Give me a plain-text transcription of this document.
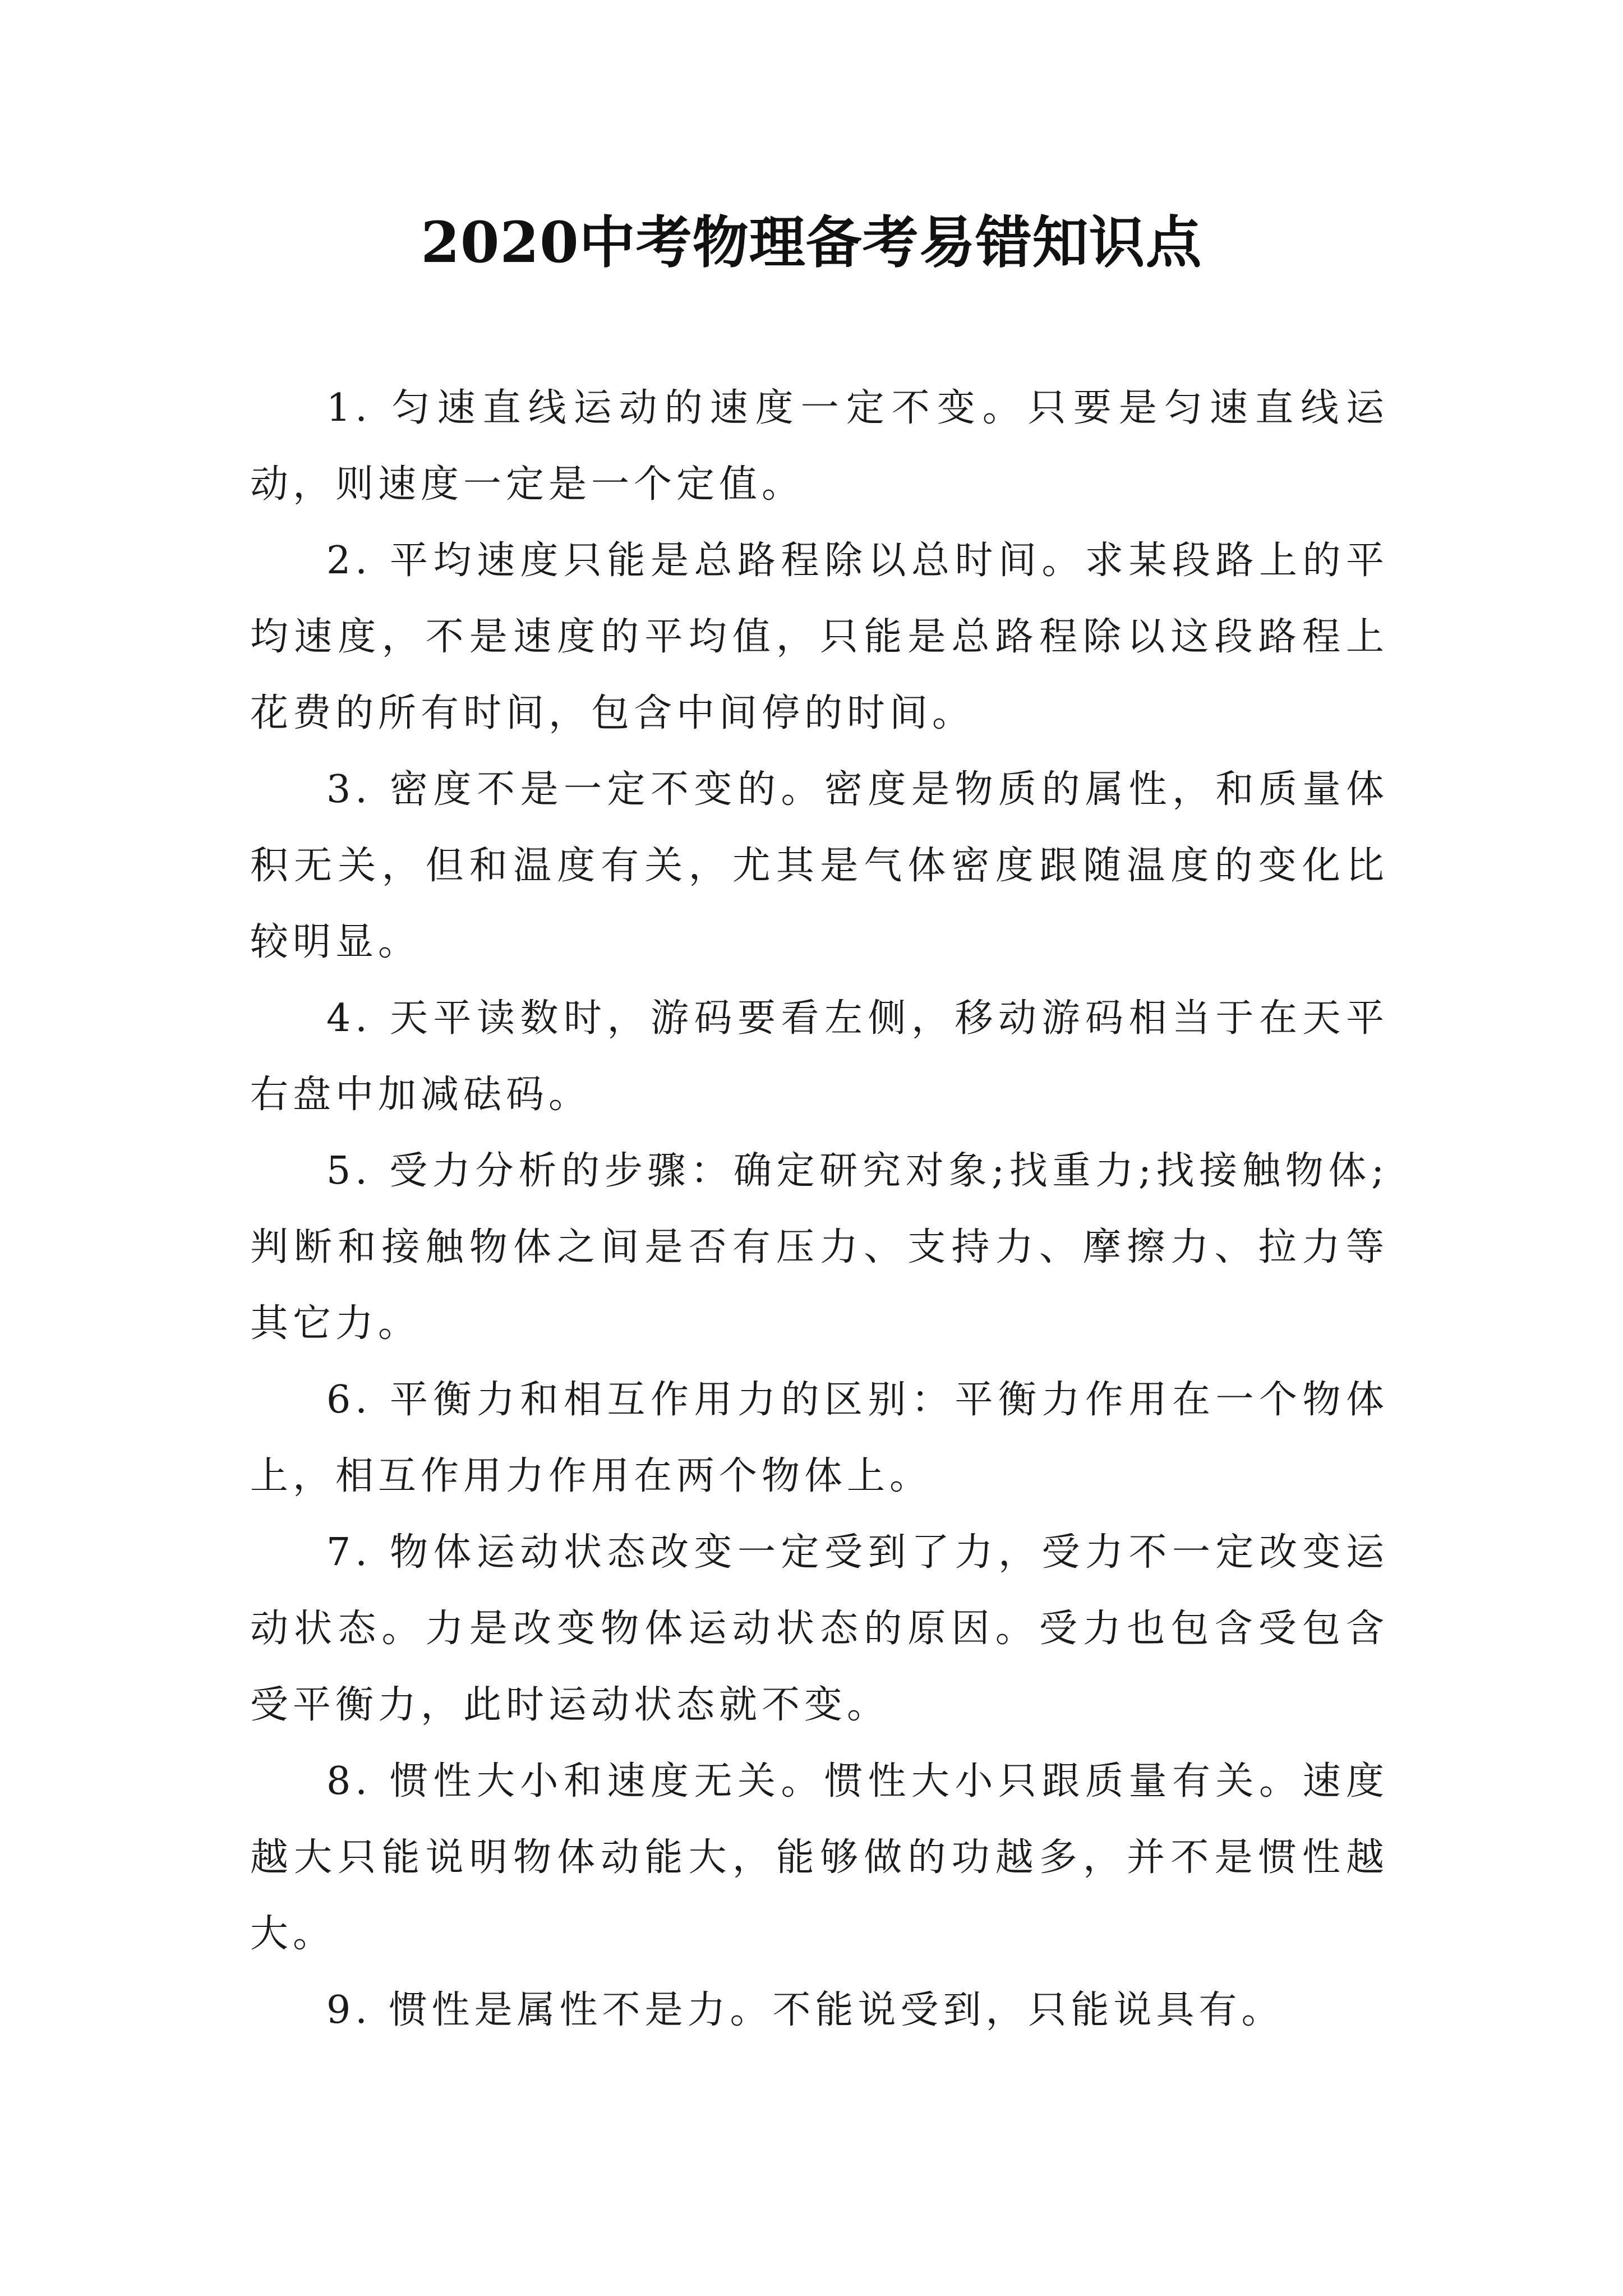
2020中考物理备考易错知识点

1. 匀速直线运动的速度一定不变。只要是匀速直线运动，则速度一定是一个定值。

2. 平均速度只能是总路程除以总时间。求某段路上的平均速度，不是速度的平均值，只能是总路程除以这段路程上花费的所有时间，包含中间停的时间。

3. 密度不是一定不变的。密度是物质的属性，和质量体积无关，但和温度有关，尤其是气体密度跟随温度的变化比较明显。

4. 天平读数时，游码要看左侧，移动游码相当于在天平右盘中加减砝码。

5. 受力分析的步骤：确定研究对象;找重力;找接触物体;判断和接触物体之间是否有压力、支持力、摩擦力、拉力等其它力。

6. 平衡力和相互作用力的区别：平衡力作用在一个物体上，相互作用力作用在两个物体上。

7. 物体运动状态改变一定受到了力，受力不一定改变运动状态。力是改变物体运动状态的原因。受力也包含受包含受平衡力，此时运动状态就不变。

8. 惯性大小和速度无关。惯性大小只跟质量有关。速度越大只能说明物体动能大，能够做的功越多，并不是惯性越大。

9. 惯性是属性不是力。不能说受到，只能说具有。
